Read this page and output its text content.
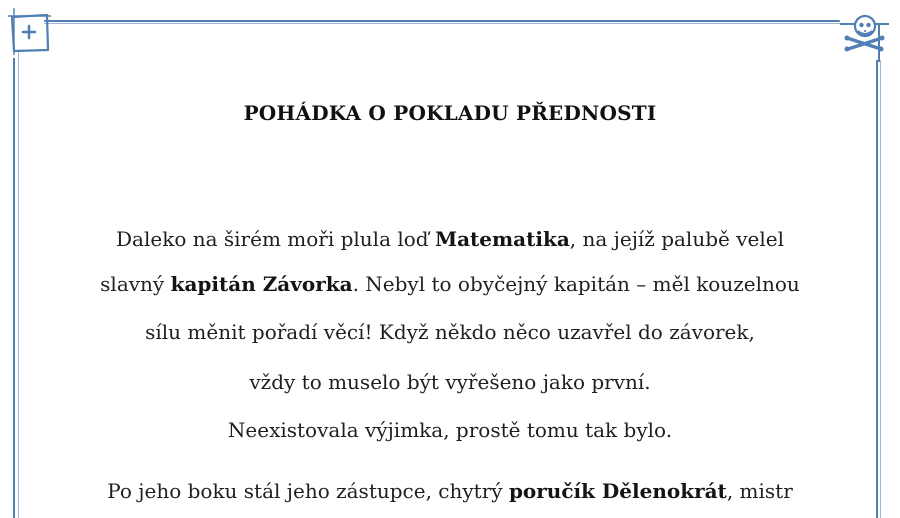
POHÁDKA O POKLADU PŘEDNOSTI
Daleko na širém moři plula loď Matematika, na jejíž palubě velel
slavný kapitán Závorka. Nebyl to obyčejný kapitán – měl kouzelnou
sílu měnit pořadí věcí! Když někdo něco uzavřel do závorek,
vždy to muselo být vyřešeno jako první.
Neexistovala výjimka, prostě tomu tak bylo.
Po jeho boku stál jeho zástupce, chytrý poručík Dělenokrát, mistr
